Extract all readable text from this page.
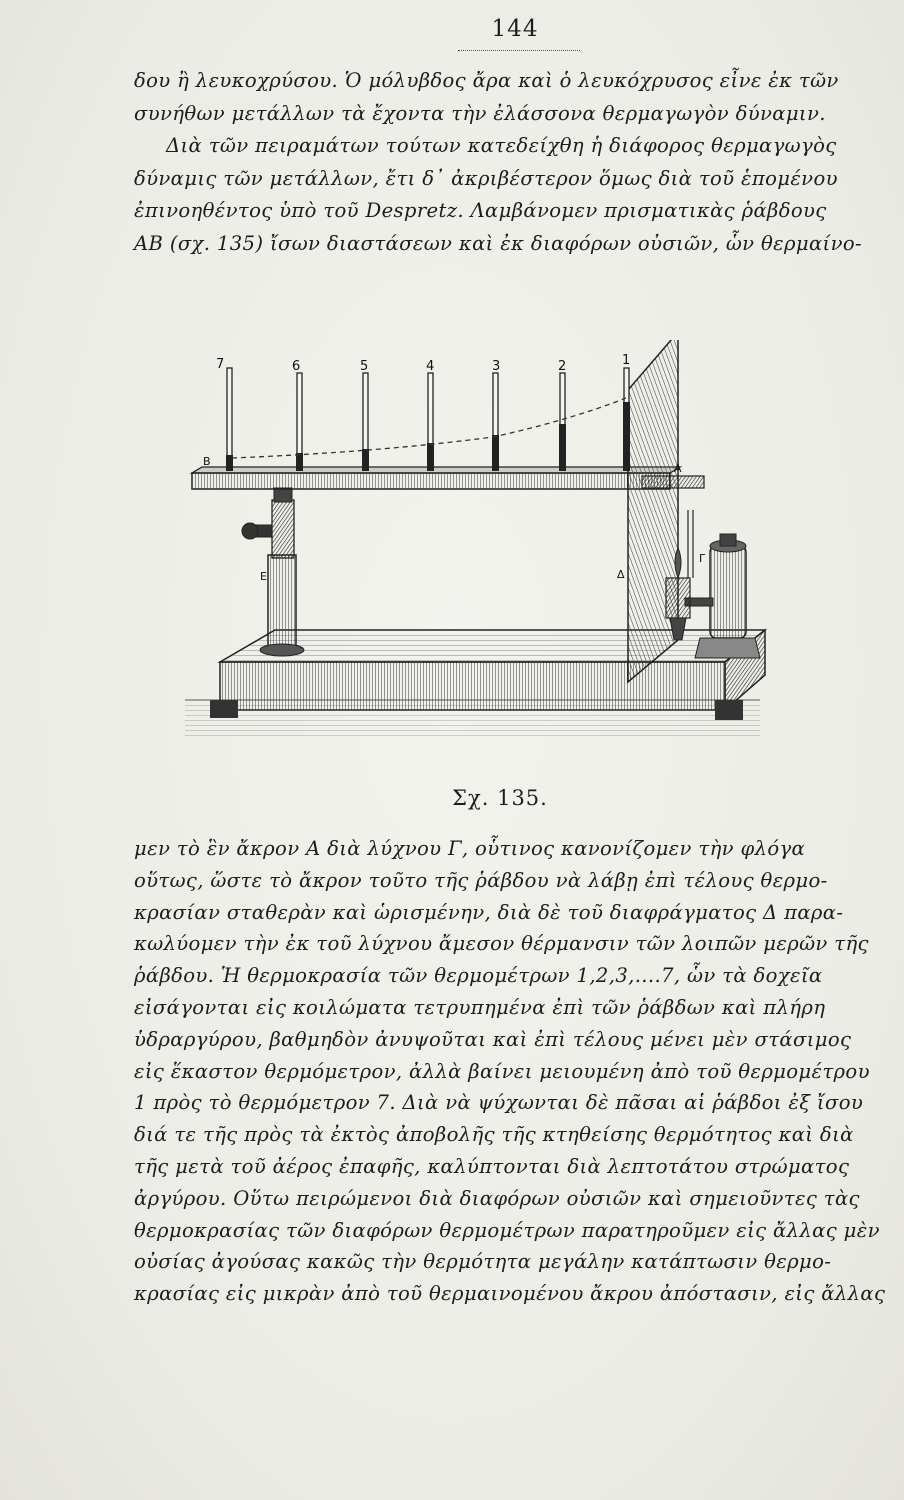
144

δου ἢ λευκοχρύσου. Ὁ μόλυβδος ἄρα καὶ ὁ λευκόχρυσος εἶνε ἐκ τῶν
συνήθων μετάλλων τὰ ἔχοντα τὴν ἐλάσσονα θερμαγωγὸν δύναμιν.

Διὰ τῶν πειραμάτων τούτων κατεδείχθη ἡ διάφορος θερμαγωγὸς
δύναμις τῶν μετάλλων, ἔτι δ᾽ ἀκριβέστερον ὅμως διὰ τοῦ ἑπομένου
ἐπινοηθέντος ὑπὸ τοῦ Despretz. Λαμβάνομεν πρισματικὰς ῥάβδους
ΑΒ (σχ. 135) ἴσων διαστάσεων καὶ ἐκ διαφόρων οὐσιῶν, ὧν θερμαίνο-

7	6	5	4	3	2	1
Β
Α
Ε	Δ
Γ
Σχ. 135.

μεν τὸ ἓν ἄκρον Α διὰ λύχνου Γ, οὗτινος κανονίζομεν τὴν φλόγα
οὕτως, ὥστε τὸ ἄκρον τοῦτο τῆς ῥάβδου νὰ λάβῃ ἐπὶ τέλους θερμο-
κρασίαν σταθερὰν καὶ ὡρισμένην, διὰ δὲ τοῦ διαφράγματος Δ παρα-
κωλύομεν τὴν ἐκ τοῦ λύχνου ἄμεσον θέρμανσιν τῶν λοιπῶν μερῶν τῆς
ῥάβδου. Ἡ θερμοκρασία τῶν θερμομέτρων 1,2,3,....7, ὧν τὰ δοχεῖα
εἰσάγονται εἰς κοιλώματα τετρυπημένα ἐπὶ τῶν ῥάβδων καὶ πλήρη
ὑδραργύρου, βαθμηδὸν ἀνυψοῦται καὶ ἐπὶ τέλους μένει μὲν στάσιμος
εἰς ἕκαστον θερμόμετρον, ἀλλὰ βαίνει μειουμένη ἀπὸ τοῦ θερμομέτρου
1 πρὸς τὸ θερμόμετρον 7. Διὰ νὰ ψύχωνται δὲ πᾶσαι αἱ ῥάβδοι ἐξ ἴσου
διά τε τῆς πρὸς τὰ ἐκτὸς ἀποβολῆς τῆς κτηθείσης θερμότητος καὶ διὰ
τῆς μετὰ τοῦ ἀέρος ἐπαφῆς, καλύπτονται διὰ λεπτοτάτου στρώματος
ἀργύρου. Οὕτω πειρώμενοι διὰ διαφόρων οὐσιῶν καὶ σημειοῦντες τὰς
θερμοκρασίας τῶν διαφόρων θερμομέτρων παρατηροῦμεν εἰς ἄλλας μὲν
οὐσίας ἀγούσας κακῶς τὴν θερμότητα μεγάλην κατάπτωσιν θερμο-
κρασίας εἰς μικρὰν ἀπὸ τοῦ θερμαινομένου ἄκρου ἀπόστασιν, εἰς ἄλλας
